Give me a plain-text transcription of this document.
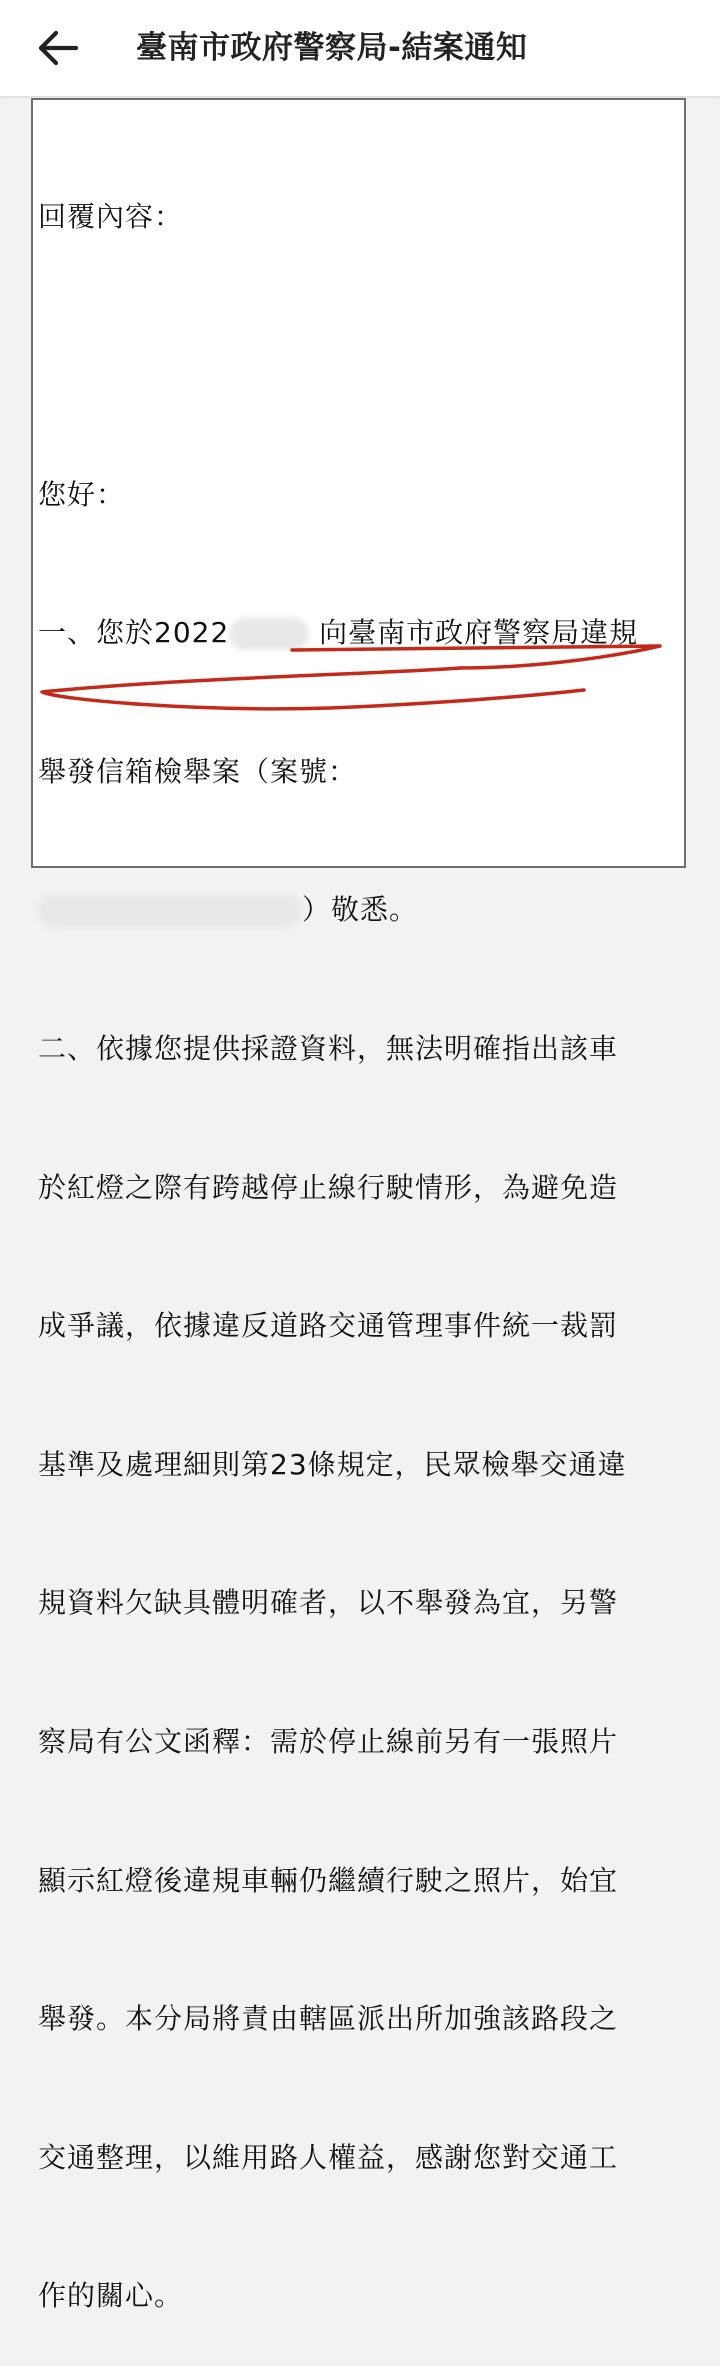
臺南市政府警察局-結案通知

回覆內容：

您好：

一、您於2022	向臺南市政府警察局違規

舉發信箱檢舉案（案號：

）敬悉。

二、依據您提供採證資料，無法明確指出該車

於紅燈之際有跨越停止線行駛情形，為避免造

成爭議，依據違反道路交通管理事件統一裁罰

基準及處理細則第23條規定，民眾檢舉交通違

規資料欠缺具體明確者，以不舉發為宜，另警

察局有公文函釋：需於停止線前另有一張照片

顯示紅燈後違規車輛仍繼續行駛之照片，始宜

舉發。本分局將責由轄區派出所加強該路段之

交通整理，以維用路人權益，感謝您對交通工

作的關心。
